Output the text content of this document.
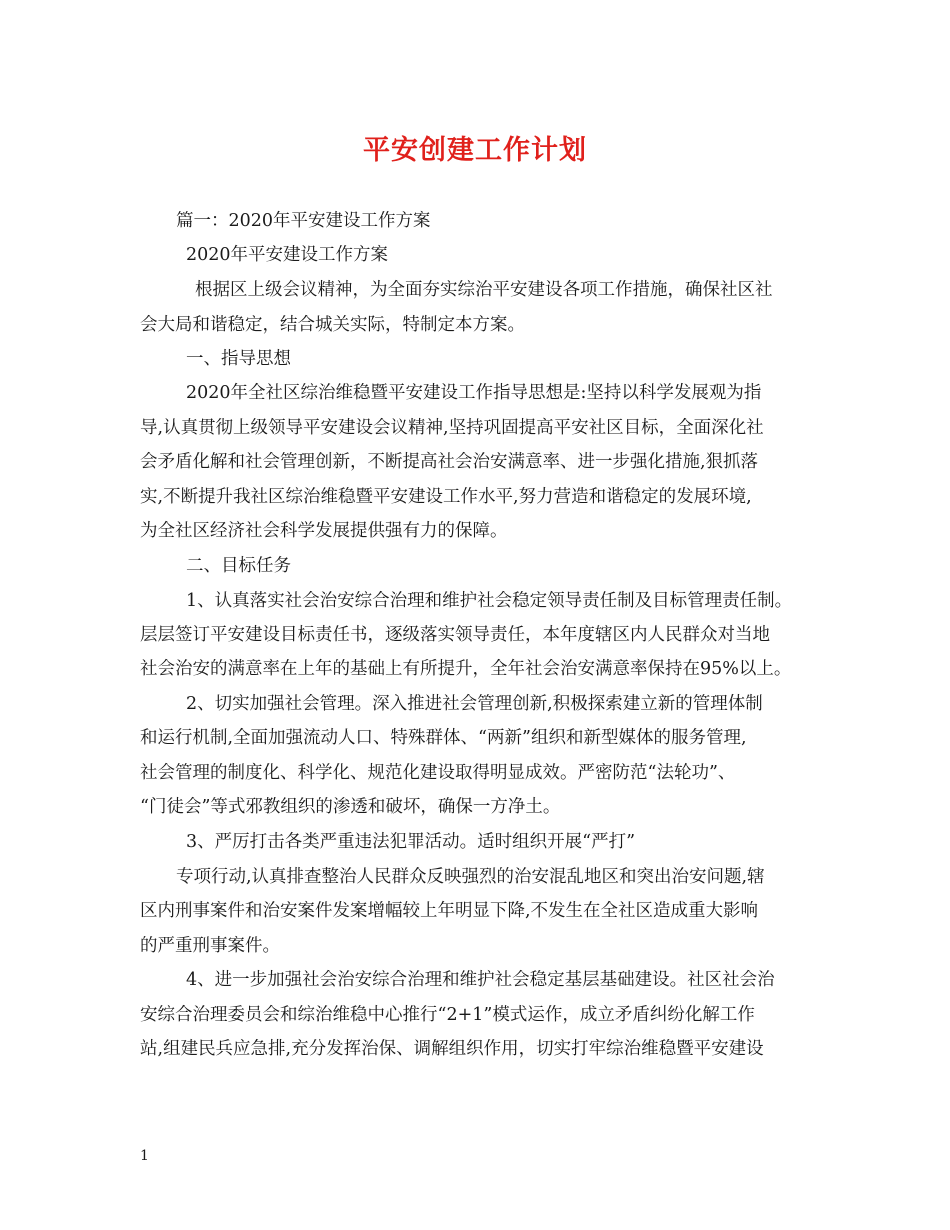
平安创建工作计划
篇一：2020年平安建设工作方案
2020年平安建设工作方案
根据区上级会议精神，为全面夯实综治平安建设各项工作措施，确保社区社
会大局和谐稳定，结合城关实际，特制定本方案。
一、指导思想
2020年全社区综治维稳暨平安建设工作指导思想是:坚持以科学发展观为指
导,认真贯彻上级领导平安建设会议精神,坚持巩固提高平安社区目标，全面深化社
会矛盾化解和社会管理创新，不断提高社会治安满意率、进一步强化措施,狠抓落
实,不断提升我社区综治维稳暨平安建设工作水平,努力营造和谐稳定的发展环境,
为全社区经济社会科学发展提供强有力的保障。
二、目标任务
1、认真落实社会治安综合治理和维护社会稳定领导责任制及目标管理责任制。
层层签订平安建设目标责任书，逐级落实领导责任，本年度辖区内人民群众对当地
社会治安的满意率在上年的基础上有所提升，全年社会治安满意率保持在95%以上。
2、切实加强社会管理。深入推进社会管理创新,积极探索建立新的管理体制
和运行机制,全面加强流动人口、特殊群体、“两新”组织和新型媒体的服务管理,
社会管理的制度化、科学化、规范化建设取得明显成效。严密防范“法轮功”、
“门徒会”等式邪教组织的渗透和破坏，确保一方净土。
3、严厉打击各类严重违法犯罪活动。适时组织开展“严打”
专项行动,认真排查整治人民群众反映强烈的治安混乱地区和突出治安问题,辖
区内刑事案件和治安案件发案增幅较上年明显下降,不发生在全社区造成重大影响
的严重刑事案件。
4、进一步加强社会治安综合治理和维护社会稳定基层基础建设。社区社会治
安综合治理委员会和综治维稳中心推行“2+1”模式运作，成立矛盾纠纷化解工作
站,组建民兵应急排,充分发挥治保、调解组织作用，切实打牢综治维稳暨平安建设
1
